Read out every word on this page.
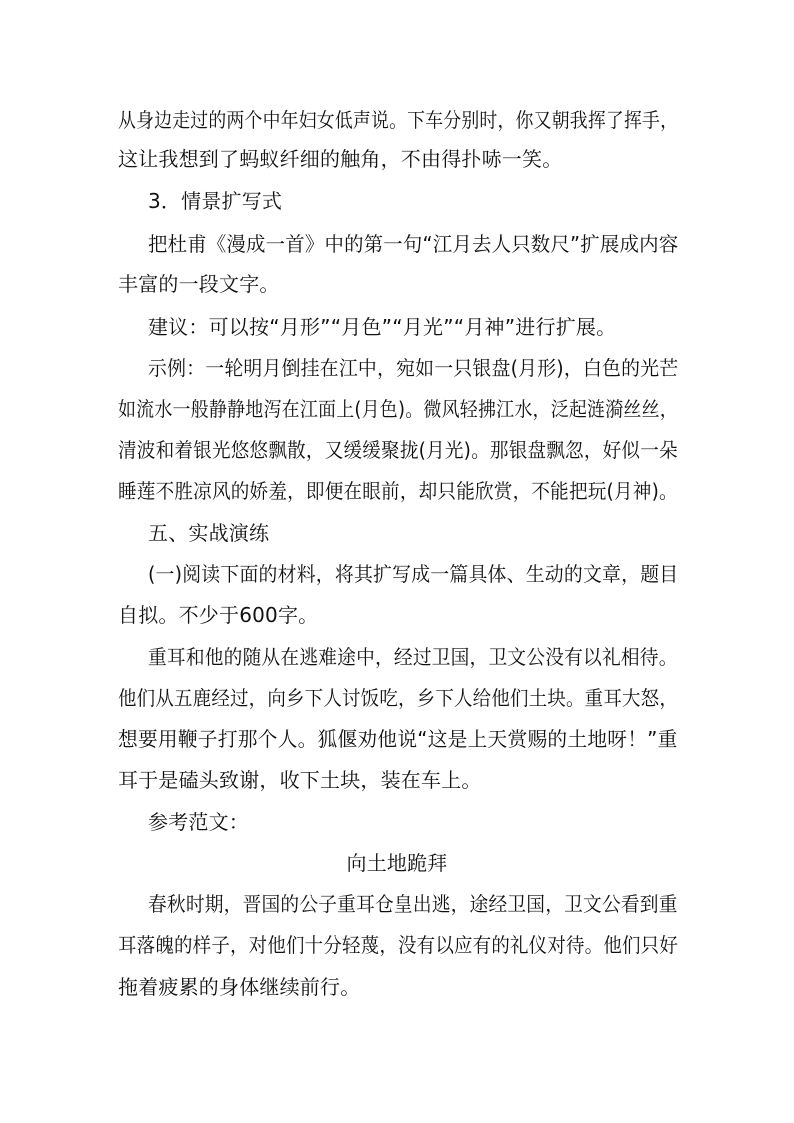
从身边走过的两个中年妇女低声说。下车分别时，你又朝我挥了挥手，
这让我想到了蚂蚁纤细的触角，不由得扑哧一笑。
3．情景扩写式
把杜甫《漫成一首》中的第一句“江月去人只数尺”扩展成内容
丰富的一段文字。
建议：可以按“月形”“月色”“月光”“月神”进行扩展。
示例：一轮明月倒挂在江中，宛如一只银盘(月形)，白色的光芒
如流水一般静静地泻在江面上(月色)。微风轻拂江水，泛起涟漪丝丝，
清波和着银光悠悠飘散，又缓缓聚拢(月光)。那银盘飘忽，好似一朵
睡莲不胜凉风的娇羞，即便在眼前，却只能欣赏，不能把玩(月神)。
五、实战演练
(一)阅读下面的材料，将其扩写成一篇具体、生动的文章，题目
自拟。不少于600字。
重耳和他的随从在逃难途中，经过卫国，卫文公没有以礼相待。
他们从五鹿经过，向乡下人讨饭吃，乡下人给他们土块。重耳大怒，
想要用鞭子打那个人。狐偃劝他说“这是上天赏赐的土地呀！”重
耳于是磕头致谢，收下土块，装在车上。
参考范文：
向土地跪拜
春秋时期，晋国的公子重耳仓皇出逃，途经卫国，卫文公看到重
耳落魄的样子，对他们十分轻蔑，没有以应有的礼仪对待。他们只好
拖着疲累的身体继续前行。
